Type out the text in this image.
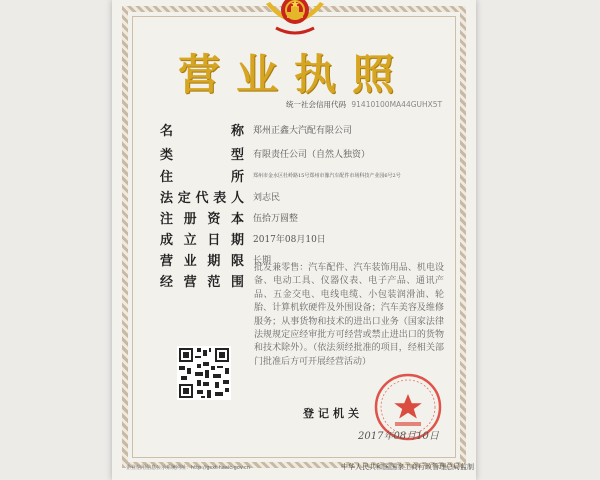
营业执照
统一社会信用代码 91410100MA44GUHX5T
名称 郑州正鑫大汽配有限公司
类型 有限责任公司（自然人独资）
住所 郑州市金水区杜岭路15号郑州市豫汽车配件市场科技产业园6号2号
法定代表人 刘志民
注册资本 伍拾万圆整
成立日期 2017年08月10日
营业期限 长期
经营范围
批发兼零售：汽车配件、汽车装饰用品、机电设备、电动工具、仪器仪表、电子产品、通讯产品、五金交电、电线电缆、小包装润滑油、轮胎、计算机软硬件及外围设备；汽车美容及维修服务；从事货物和技术的进出口业务（国家法律法规规定应经审批方可经营或禁止进出口的货物和技术除外）。（依法须经批准的项目，经相关部门批准后方可开展经营活动）
登记机关
2017年08月10日
企业信用信息公示系统网址：http://gsxt.haaic.gov.cn	中华人民共和国国家工商行政管理总局监制
